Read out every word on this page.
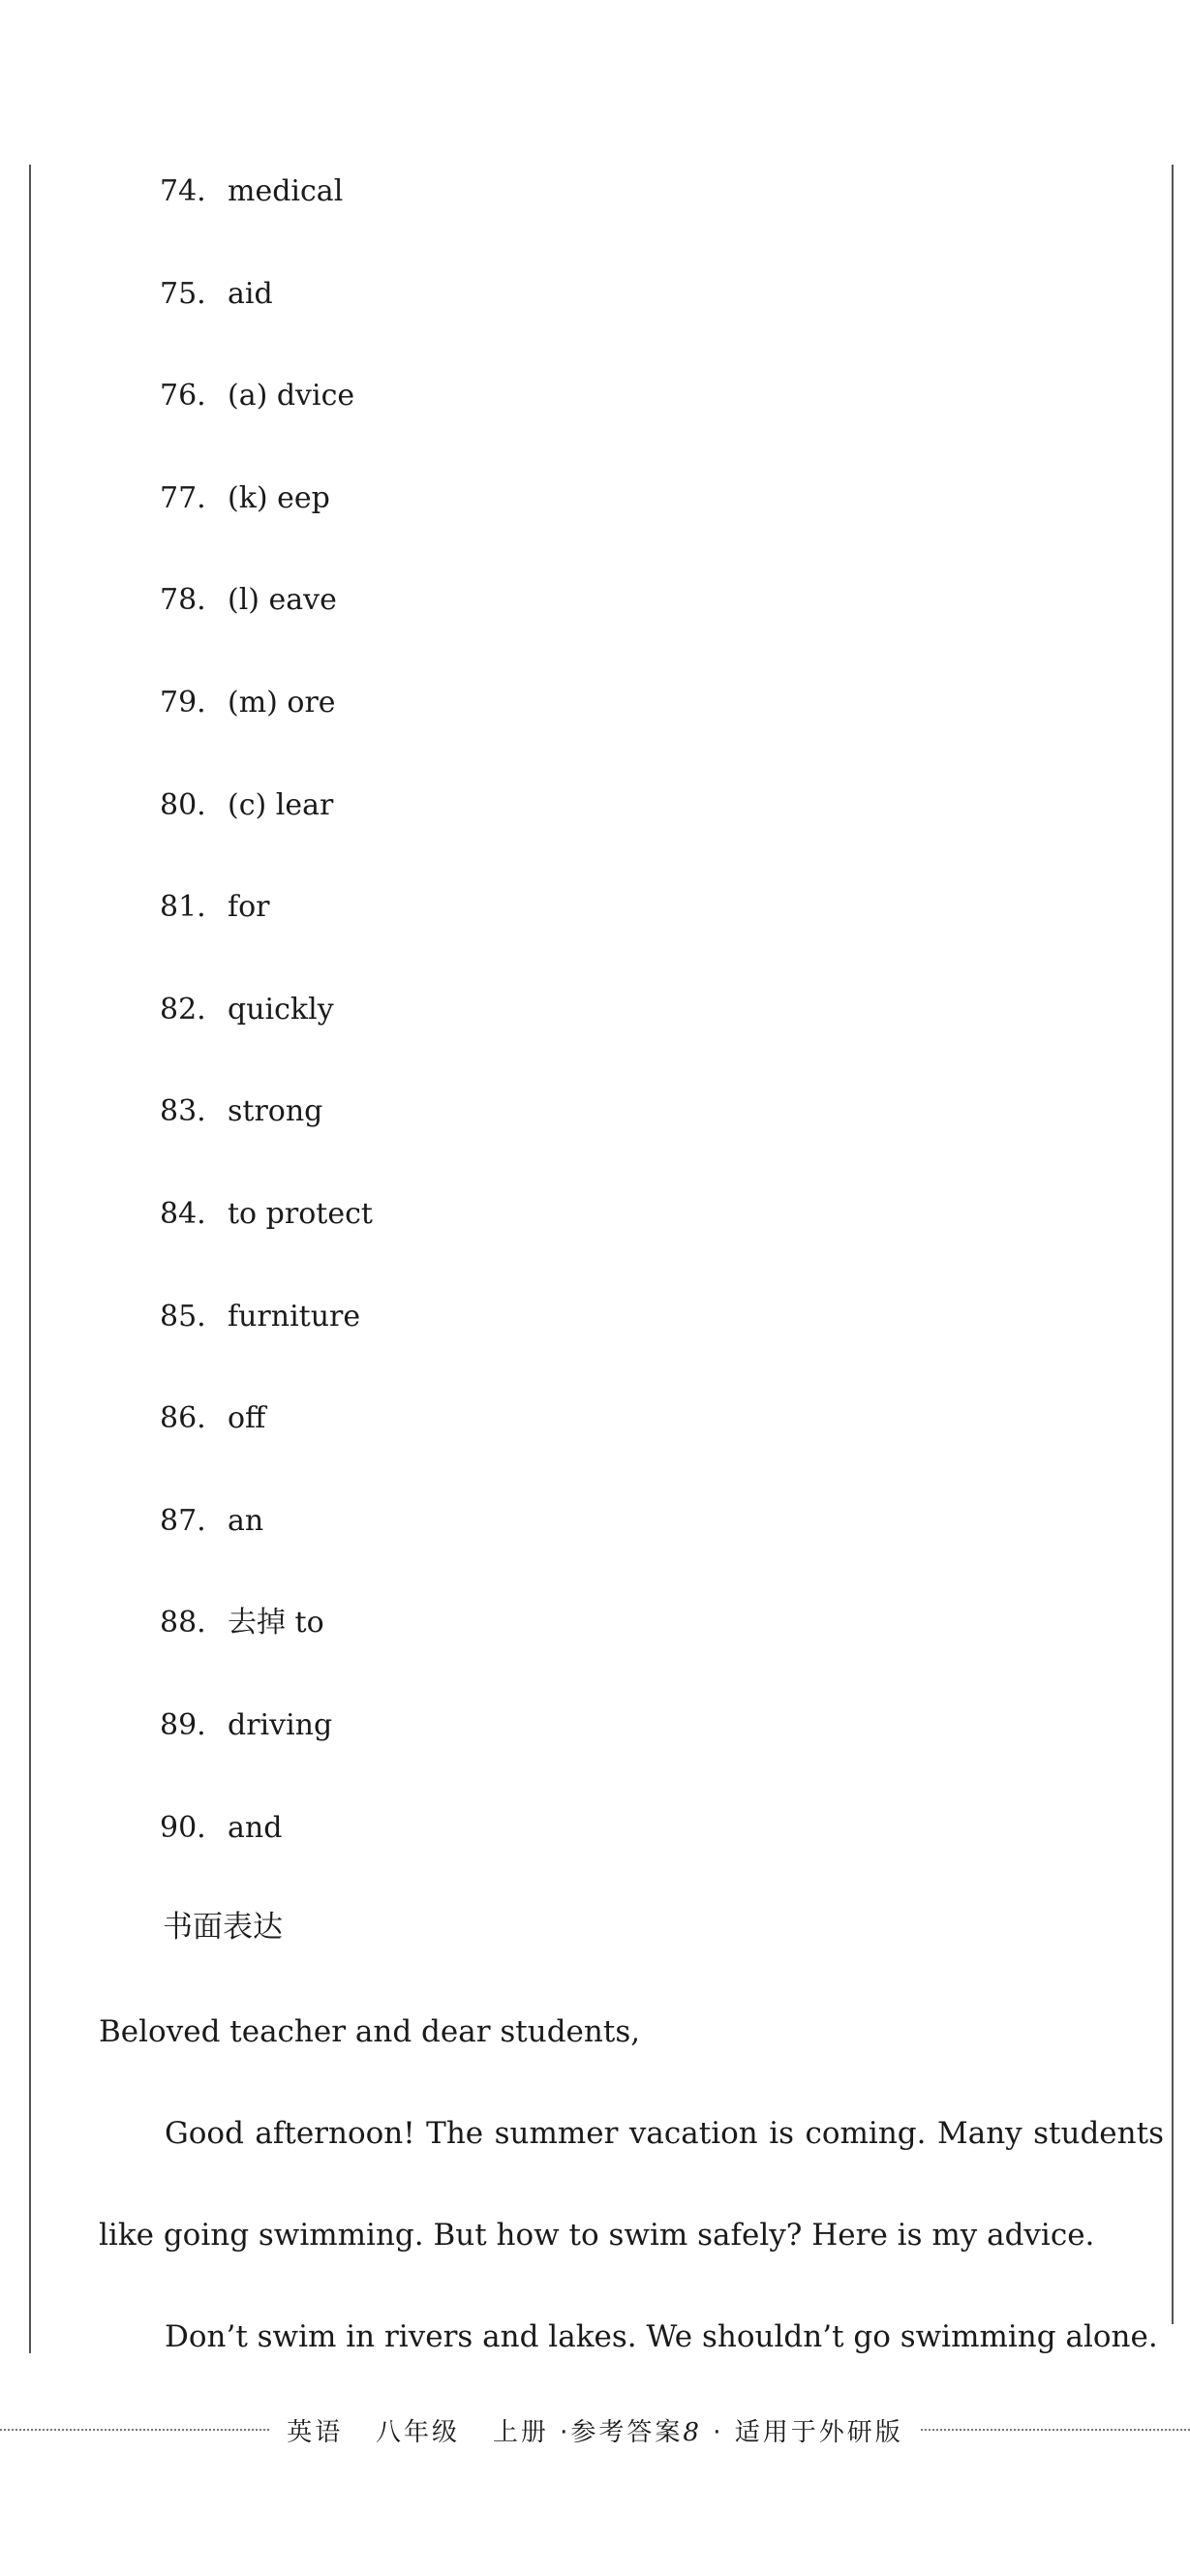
74. medical
75. aid
76. (a) dvice
77. (k) eep
78. (l) eave
79. (m) ore
80. (c) lear
81. for
82. quickly
83. strong
84. to protect
85. furniture
86. off
87. an
88. 去掉 to
89. driving
90. and
书面表达
Beloved teacher and dear students,
Good afternoon! The summer vacation is coming. Many students
like going swimming. But how to swim safely? Here is my advice.
Don’t swim in rivers and lakes. We shouldn’t go swimming alone.
英语 八年级 上册 ·参考答案8 · 适用于外研版
